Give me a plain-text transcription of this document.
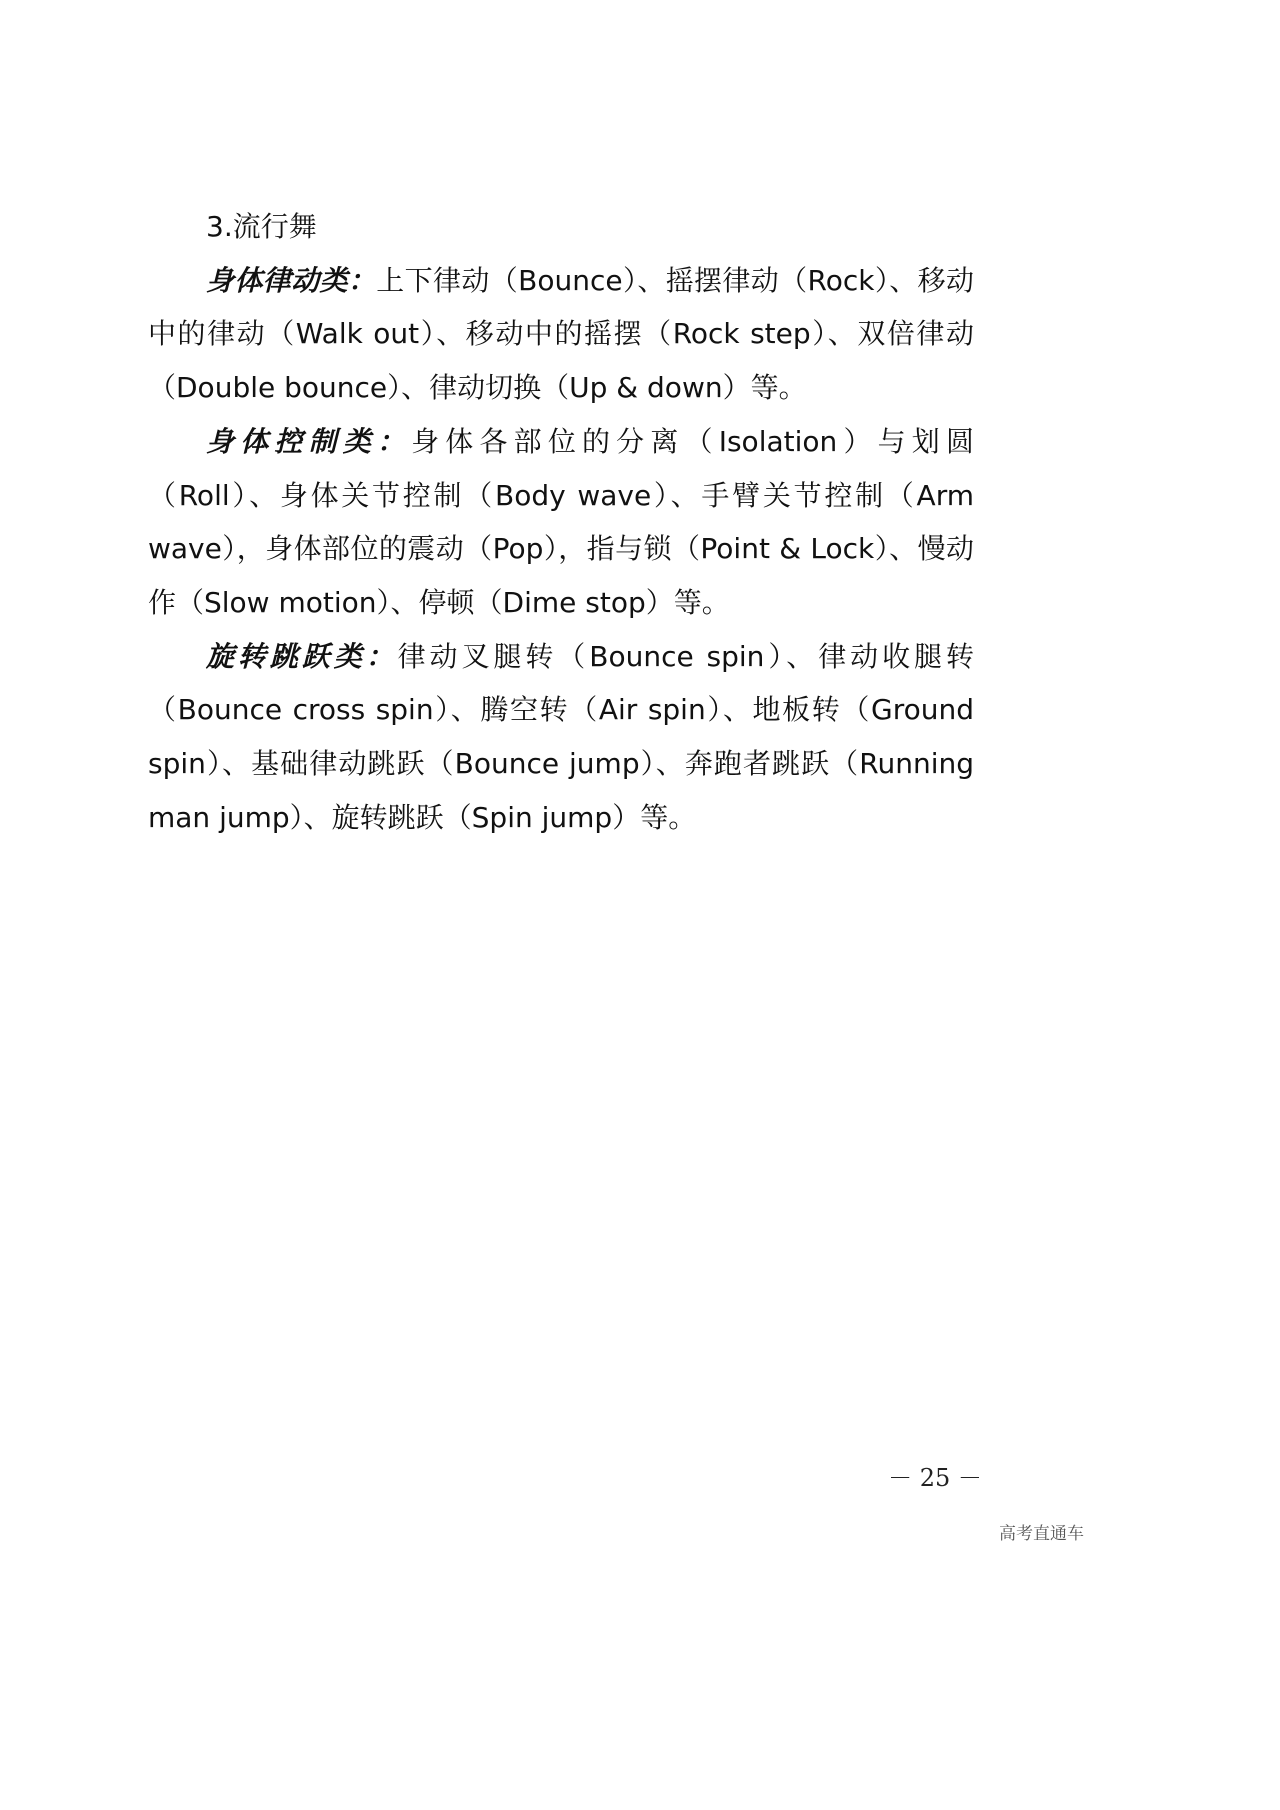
3.流行舞

身体律动类：上下律动（Bounce）、摇摆律动（Rock）、移动中的律动（Walk out）、移动中的摇摆（Rock step）、双倍律动（Double bounce）、律动切换（Up & down）等。

身体控制类：身体各部位的分离（Isolation）与划圆（Roll）、身体关节控制（Body wave）、手臂关节控制（Arm wave），身体部位的震动（Pop），指与锁（Point & Lock）、慢动作（Slow motion）、停顿（Dime stop）等。

旋转跳跃类：律动叉腿转（Bounce spin）、律动收腿转（Bounce cross spin）、腾空转（Air spin）、地板转（Ground spin）、基础律动跳跃（Bounce jump）、奔跑者跳跃（Running man jump）、旋转跳跃（Spin jump）等。

－ 25 －
高考直通车
